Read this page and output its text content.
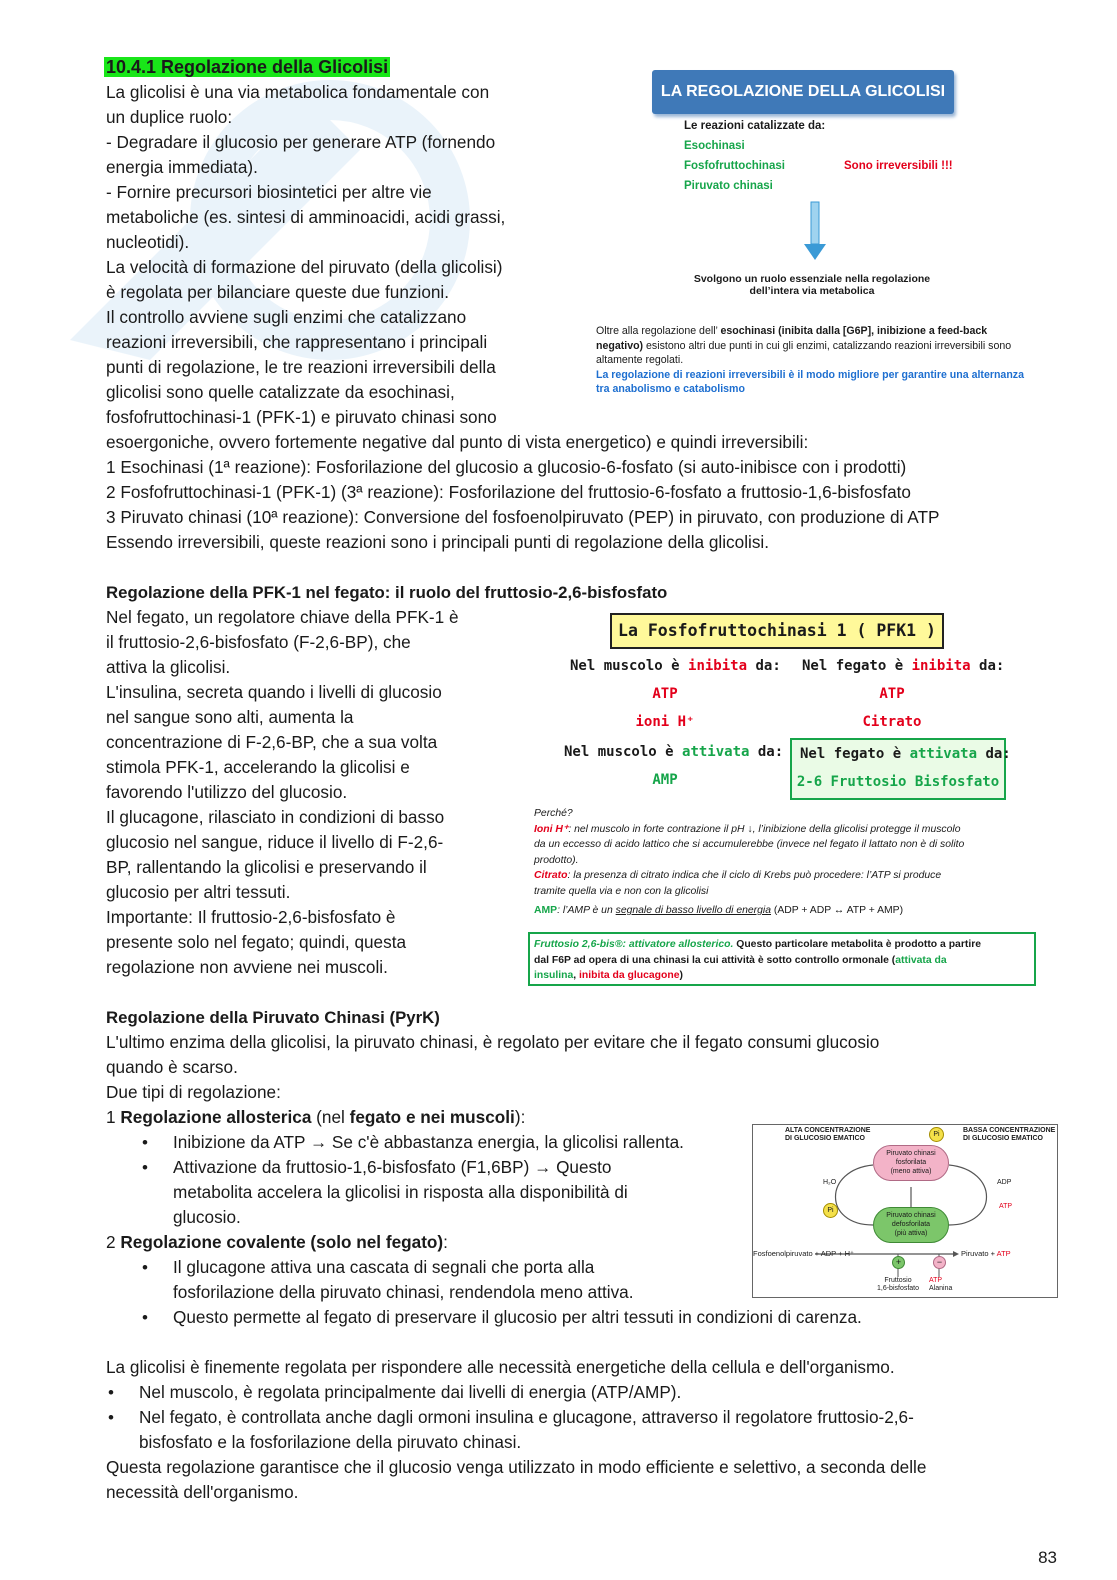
10.4.1 Regolazione della Glicolisi
La glicolisi è una via metabolica fondamentale con
un duplice ruolo:
- Degradare il glucosio per generare ATP (fornendo
energia immediata).
- Fornire precursori biosintetici per altre vie
metaboliche (es. sintesi di amminoacidi, acidi grassi,
nucleotidi).
La velocità di formazione del piruvato (della glicolisi)
è regolata per bilanciare queste due funzioni.
Il controllo avviene sugli enzimi che catalizzano
reazioni irreversibili, che rappresentano i principali
punti di regolazione, le tre reazioni irreversibili della
glicolisi sono quelle catalizzate da esochinasi,
fosfofruttochinasi-1 (PFK-1) e piruvato chinasi sono
esoergoniche, ovvero fortemente negative dal punto di vista energetico) e quindi irreversibili:
1 Esochinasi (1ª reazione): Fosforilazione del glucosio a glucosio-6-fosfato (si auto-inibisce con i prodotti)
2 Fosfofruttochinasi-1 (PFK-1) (3ª reazione): Fosforilazione del fruttosio-6-fosfato a fruttosio-1,6-bisfosfato
3 Piruvato chinasi (10ª reazione): Conversione del fosfoenolpiruvato (PEP) in piruvato, con produzione di ATP
Essendo irreversibili, queste reazioni sono i principali punti di regolazione della glicolisi.
LA REGOLAZIONE DELLA GLICOLISI
Le reazioni catalizzate da:
Esochinasi
Fosfofruttochinasi
Piruvato chinasi
Sono irreversibili !!!
Svolgono un ruolo essenziale nella regolazione
dell’intera via metabolica
Oltre alla regolazione dell’ esochinasi (inibita dalla [G6P], inibizione a feed-back
negativo) esistono altri due punti in cui gli enzimi, catalizzando reazioni irreversibili sono
altamente regolati.
La regolazione di reazioni irreversibili è il modo migliore per garantire una alternanza
tra anabolismo e catabolismo
Regolazione della PFK-1 nel fegato: il ruolo del fruttosio-2,6-bisfosfato
Nel fegato, un regolatore chiave della PFK-1 è
il fruttosio-2,6-bisfosfato (F-2,6-BP), che
attiva la glicolisi.
L'insulina, secreta quando i livelli di glucosio
nel sangue sono alti, aumenta la
concentrazione di F-2,6-BP, che a sua volta
stimola PFK-1, accelerando la glicolisi e
favorendo l'utilizzo del glucosio.
Il glucagone, rilasciato in condizioni di basso
glucosio nel sangue, riduce il livello di F-2,6-
BP, rallentando la glicolisi e preservando il
glucosio per altri tessuti.
Importante: Il fruttosio-2,6-bisfosfato è
presente solo nel fegato; quindi, questa
regolazione non avviene nei muscoli.
La Fosfofruttochinasi 1 ( PFK1 )
Nel muscolo è inibita da: Nel fegato è inibita da:
ATP
ioni H⁺
ATP
Citrato
Nel muscolo è attivata da:
AMP
Nel fegato è attivata da:
2-6 Fruttosio Bisfosfato
Perché?
Ioni H⁺: nel muscolo in forte contrazione il pH ↓, l’inibizione della glicolisi protegge il muscolo
da un eccesso di acido lattico che si accumulerebbe (invece nel fegato il lattato non è di solito
prodotto).
Citrato: la presenza di citrato indica che il ciclo di Krebs può procedere: l’ATP si produce
tramite quella via e non con la glicolisi
AMP: l’AMP è un segnale di basso livello di energia (ADP + ADP ↔ ATP + AMP)
Fruttosio 2,6-bis®: attivatore allosterico. Questo particolare metabolita è prodotto a partire
dal F6P ad opera di una chinasi la cui attività è sotto controllo ormonale (attivata da
insulina, inibita da glucagone)
Regolazione della Piruvato Chinasi (PyrK)
L'ultimo enzima della glicolisi, la piruvato chinasi, è regolato per evitare che il fegato consumi glucosio
quando è scarso.
Due tipi di regolazione:
1 Regolazione allosterica (nel fegato e nei muscoli):
• Inibizione da ATP → Se c'è abbastanza energia, la glicolisi rallenta.
• Attivazione da fruttosio-1,6-bisfosfato (F1,6BP) → Questo
metabolita accelera la glicolisi in risposta alla disponibilità di
glucosio.
2 Regolazione covalente (solo nel fegato):
• Il glucagone attiva una cascata di segnali che porta alla
fosforilazione della piruvato chinasi, rendendola meno attiva.
• Questo permette al fegato di preservare il glucosio per altri tessuti in condizioni di carenza.
ALTA CONCENTRAZIONE
DI GLUCOSIO EMATICO
BASSA CONCENTRAZIONE
DI GLUCOSIO EMATICO
Pi
Pi
H₂O	ADP
ATP
Piruvato chinasi
fosforilata
(meno attiva)
Piruvato chinasi
defosforilata
(più attiva)
Fosfoenolpiruvato + ADP + H⁺	Piruvato + ATP
+	−
Fruttosio
1,6-bisfosfato
ATP
Alanina
La glicolisi è finemente regolata per rispondere alle necessità energetiche della cellula e dell'organismo.
• Nel muscolo, è regolata principalmente dai livelli di energia (ATP/AMP).
• Nel fegato, è controllata anche dagli ormoni insulina e glucagone, attraverso il regolatore fruttosio-2,6-
bisfosfato e la fosforilazione della piruvato chinasi.
Questa regolazione garantisce che il glucosio venga utilizzato in modo efficiente e selettivo, a seconda delle
necessità dell'organismo.
83
